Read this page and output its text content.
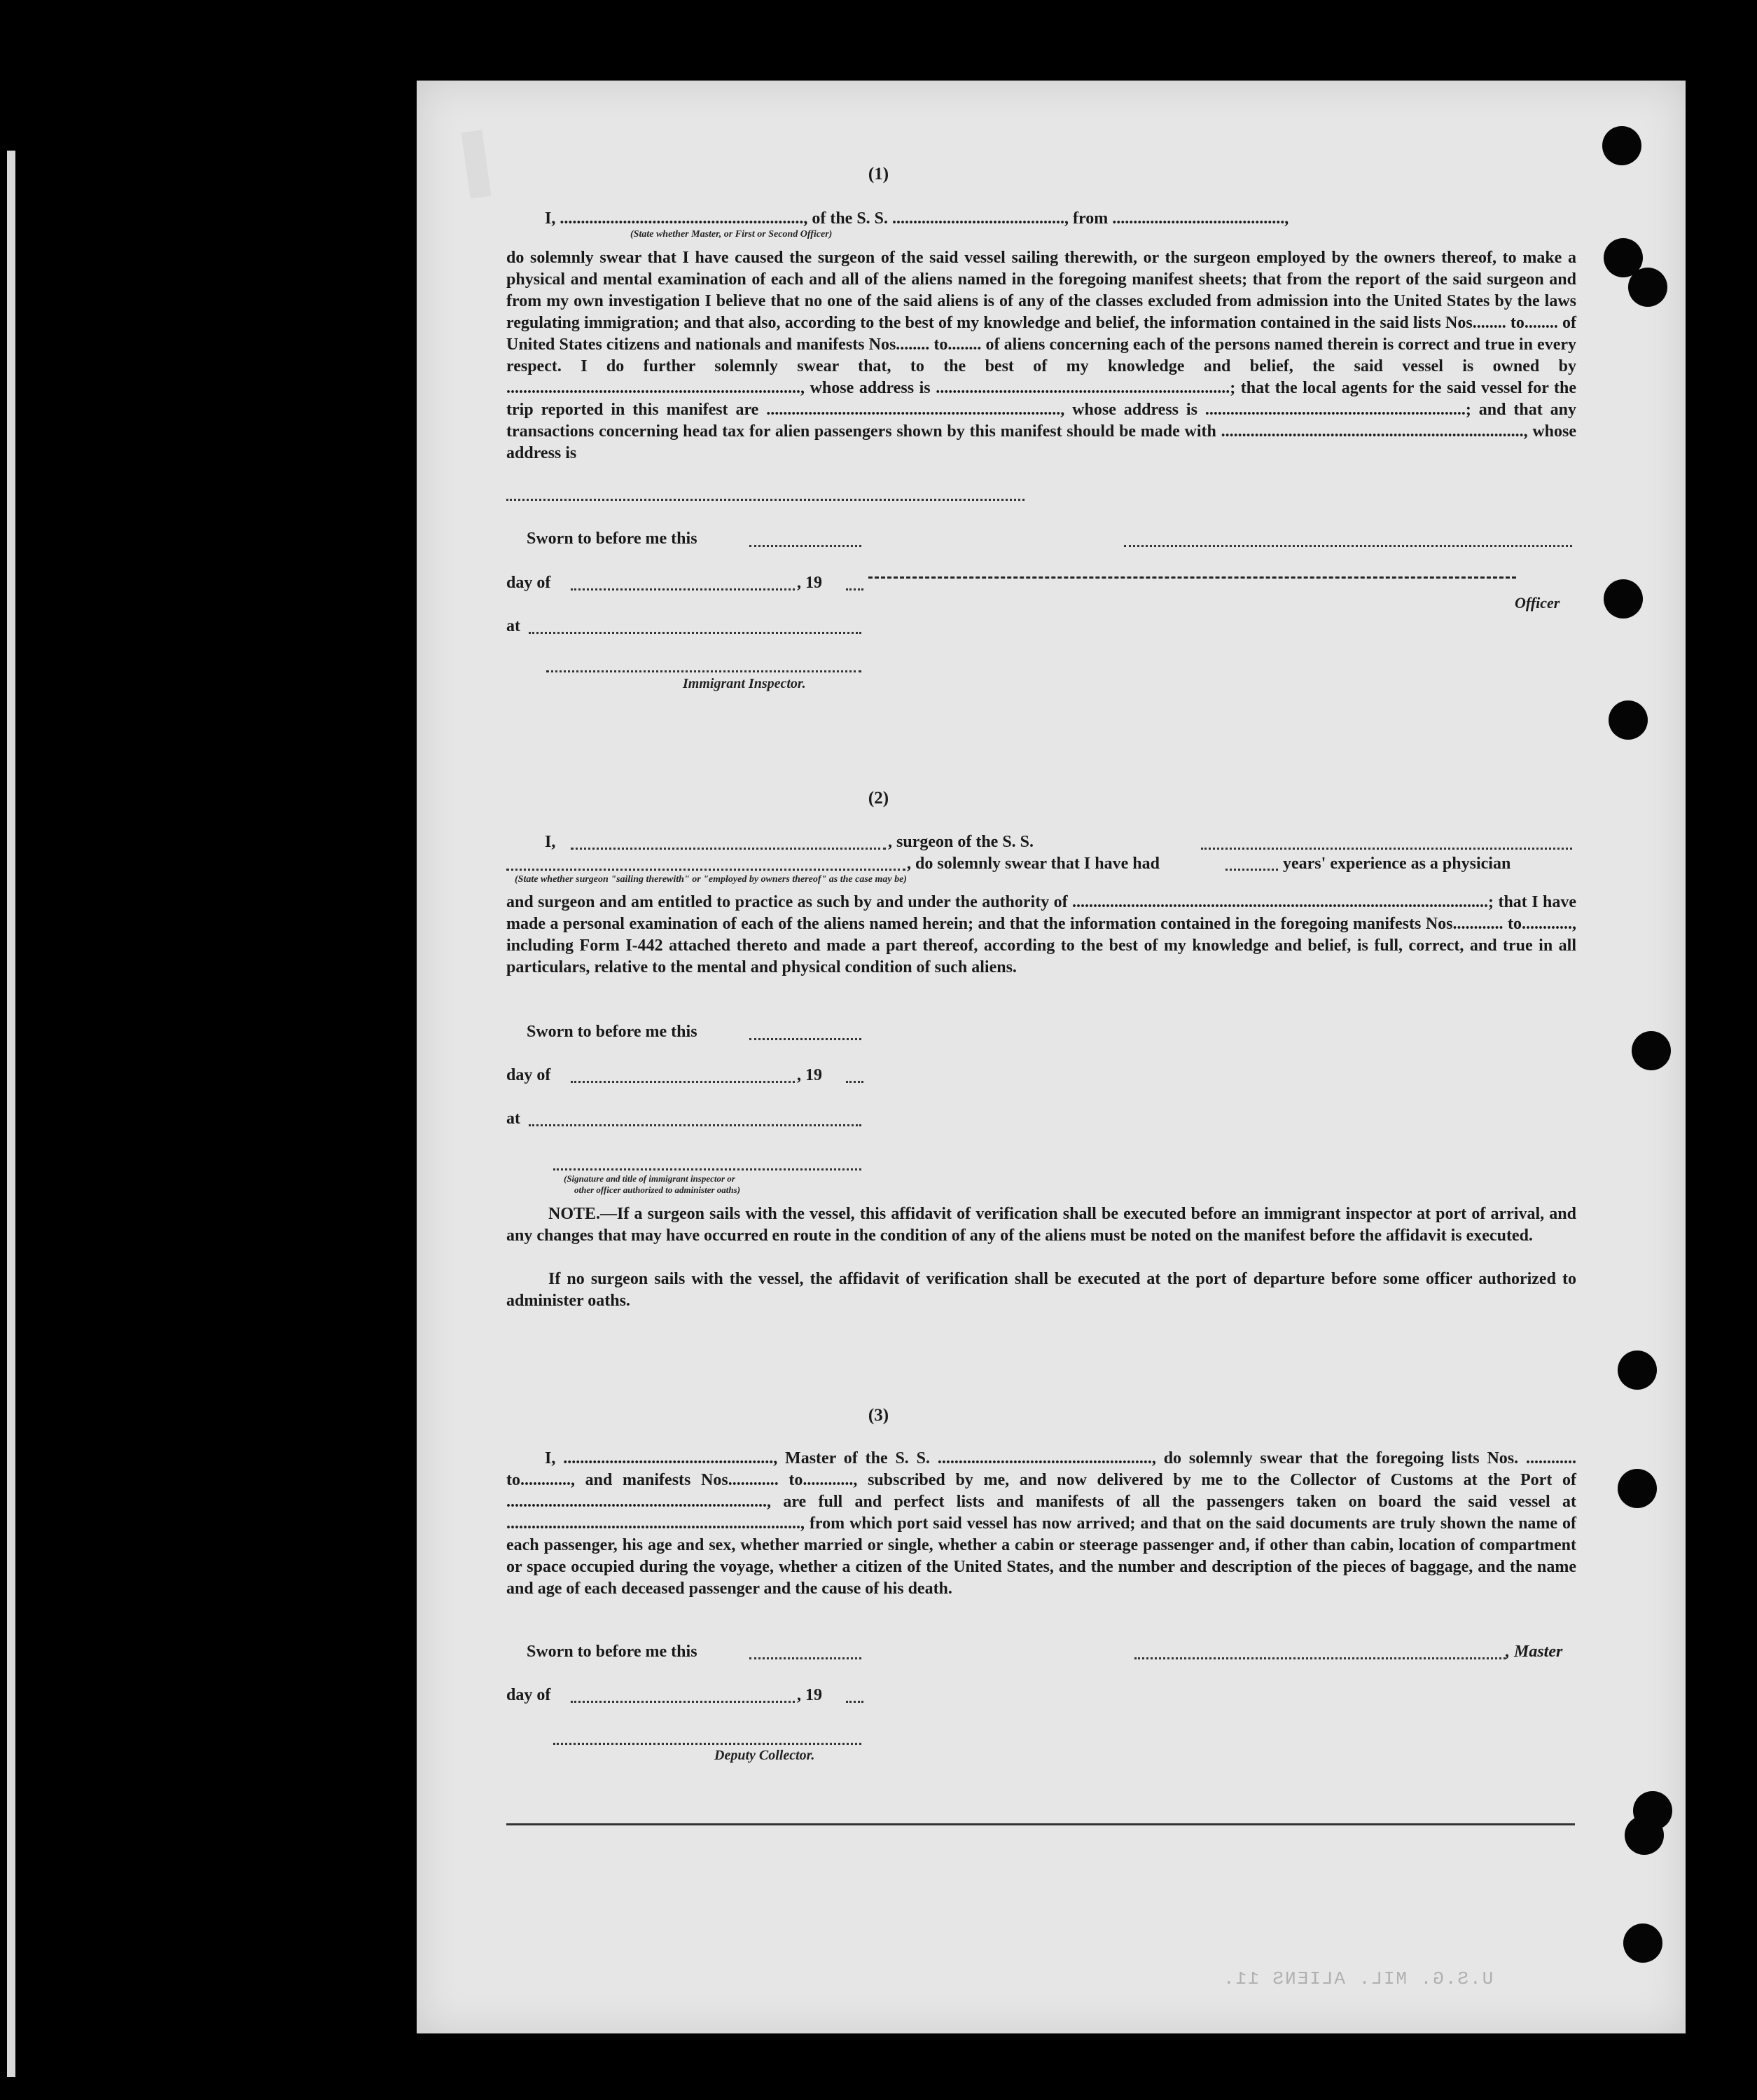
U.S.G. MIL. ALIENS 11.
(1)
I, .........................................................., of the S. S. ........................................., from .........................................,
(State whether Master, or First or Second Officer)
do solemnly swear that I have caused the surgeon of the said vessel sailing therewith, or the surgeon employed by the owners thereof, to make a physical and mental examination of each and all of the aliens named in the foregoing manifest sheets; that from the report of the said surgeon and from my own investigation I believe that no one of the said aliens is of any of the classes excluded from admission into the United States by the laws regulating immigration; and that also, according to the best of my knowledge and belief, the information contained in the said lists Nos........ to........ of United States citizens and nationals and manifests Nos........ to........ of aliens concerning each of the persons named therein is correct and true in every respect. I do further solemnly swear that, to the best of my knowledge and belief, the said vessel is owned by ......................................................................, whose address is ......................................................................; that the local agents for the said vessel for the trip reported in this manifest are ......................................................................, whose address is ..............................................................; and that any transactions concerning head tax for alien passengers shown by this manifest should be made with ........................................................................, whose address is
Sworn to before me this
day of	, 19
Officer
at
Immigrant Inspector.
(2)
I,	, surgeon of the S. S.
, do solemnly swear that I have had	years' experience as a physician
(State whether surgeon "sailing therewith" or "employed by owners thereof" as the case may be)
and surgeon and am entitled to practice as such by and under the authority of ...................................................................................................; that I have made a personal examination of each of the aliens named herein; and that the information contained in the foregoing manifests Nos............ to............, including Form I-442 attached thereto and made a part thereof, according to the best of my knowledge and belief, is full, correct, and true in all particulars, relative to the mental and physical condition of such aliens.
Sworn to before me this
day of	, 19
at
(Signature and title of immigrant inspector or
other officer authorized to administer oaths)
NOTE.—If a surgeon sails with the vessel, this affidavit of verification shall be executed before an immigrant inspector at port of arrival, and any changes that may have occurred en route in the condition of any of the aliens must be noted on the manifest before the affidavit is executed.
If no surgeon sails with the vessel, the affidavit of verification shall be executed at the port of departure before some officer authorized to administer oaths.
(3)
I, .................................................., Master of the S. S. ..................................................., do solemnly swear that the foregoing lists Nos. ............ to............, and manifests Nos............ to............, subscribed by me, and now delivered by me to the Collector of Customs at the Port of .............................................................., are full and perfect lists and manifests of all the passengers taken on board the said vessel at ......................................................................, from which port said vessel has now arrived; and that on the said documents are truly shown the name of each passenger, his age and sex, whether married or single, whether a cabin or steerage passenger and, if other than cabin, location of compartment or space occupied during the voyage, whether a citizen of the United States, and the number and description of the pieces of baggage, and the name and age of each deceased passenger and the cause of his death.
Sworn to before me this	, Master
day of	, 19
Deputy Collector.
